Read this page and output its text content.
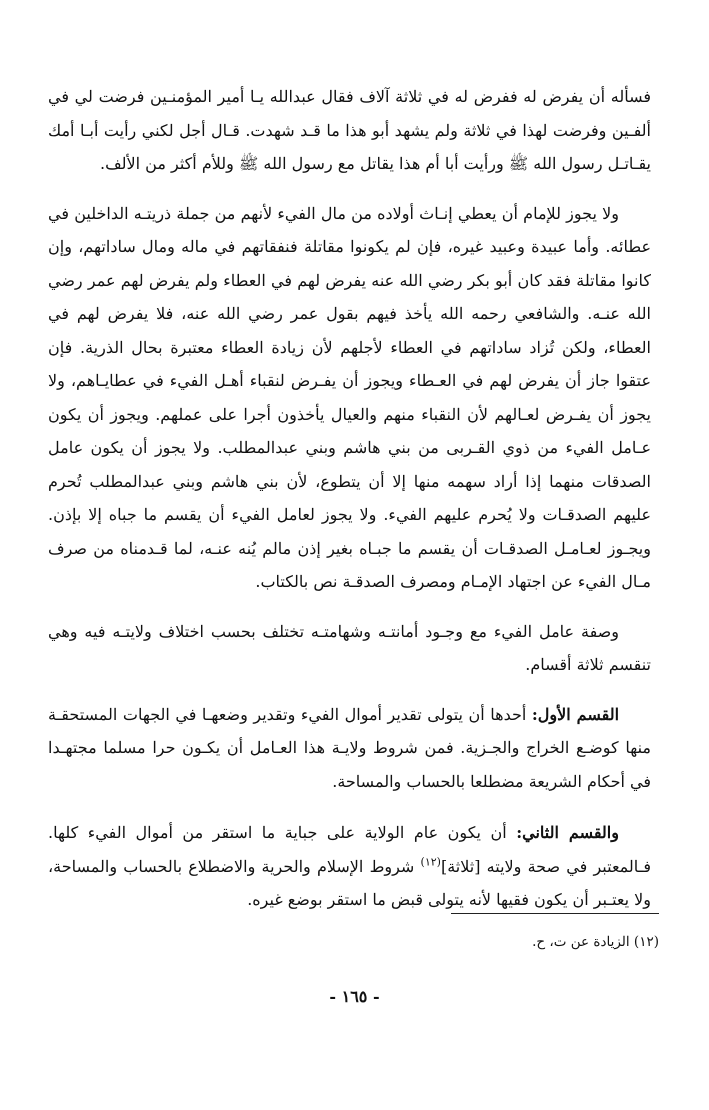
فسأله أن يفرض له ففرض له في ثلاثة آلاف فقال عبدالله يـا أمير المؤمنـين فرضت لي في ألفـين وفرضت لهذا في ثلاثة ولم يشهد أبو هذا ما قـد شهدت. قـال أجل لكني رأيت أبـا أمك يقـاتـل رسول الله ﷺ ورأيت أبا أم هذا يقاتل مع رسول الله ﷺ وللأم أكثر من الألف.

ولا يجوز للإمام أن يعطي إنـاث أولاده من مال الفيء لأنهم من جملة ذريتـه الداخلين في عطائه. وأما عبيدة وعبيد غيره، فإن لم يكونوا مقاتلة فنفقاتهم في ماله ومال ساداتهم، وإن كانوا مقاتلة فقد كان أبو بكر رضي الله عنه يفرض لهم في العطاء ولم يفرض لهم عمر رضي الله عنـه. والشافعي رحمه الله يأخذ فيهم بقول عمر رضي الله عنه، فلا يفرض لهم في العطاء، ولكن تُزاد ساداتهم في العطاء لأجلهم لأن زيادة العطاء معتبرة بحال الذرية. فإن عتقوا جاز أن يفرض لهم في العـطاء ويجوز أن يفـرض لنقباء أهـل الفيء في عطايـاهم، ولا يجوز أن يفـرض لعـالهم لأن النقباء منهم والعيال يأخذون أجرا على عملهم. ويجوز أن يكون عـامل الفيء من ذوي القـربى من بني هاشم وبني عبدالمطلب. ولا يجوز أن يكون عامل الصدقات منهما إذا أراد سهمه منها إلا أن يتطوع، لأن بني هاشم وبني عبدالمطلب تُحرم عليهم الصدقـات ولا يُحرم عليهم الفيء. ولا يجوز لعامل الفيء أن يقسم ما جباه إلا بإذن. ويجـوز لعـامـل الصدقـات أن يقسم ما جبـاه بغير إذن مالم يُنه عنـه، لما قـدمناه من صرف مـال الفيء عن اجتهاد الإمـام ومصرف الصدقـة نص بالكتاب.

وصفة عامل الفيء مع وجـود أمانتـه وشهامتـه تختلف بحسب اختلاف ولايتـه فيه وهي تنقسم ثلاثة أقسام.

القسم الأول: أحدها أن يتولى تقدير أموال الفيء وتقدير وضعهـا في الجهات المستحقـة منها كوضـع الخراج والجـزية. فمن شروط ولايـة هذا العـامل أن يكـون حرا مسلما مجتهـدا في أحكام الشريعة مضطلعا بالحساب والمساحة.

والقسم الثاني: أن يكون عام الولاية على جباية ما استقر من أموال الفيء كلها. فـالمعتبر في صحة ولايته [ثلاثة]$^{(١٢)}$ شروط الإسلام والحرية والاضطلاع بالحساب والمساحة، ولا يعتـبر أن يكون فقيها لأنه يتولى قبض ما استقر بوضع غيره.

(١٢) الزيادة عن ت، ح.
- ١٦٥ -
